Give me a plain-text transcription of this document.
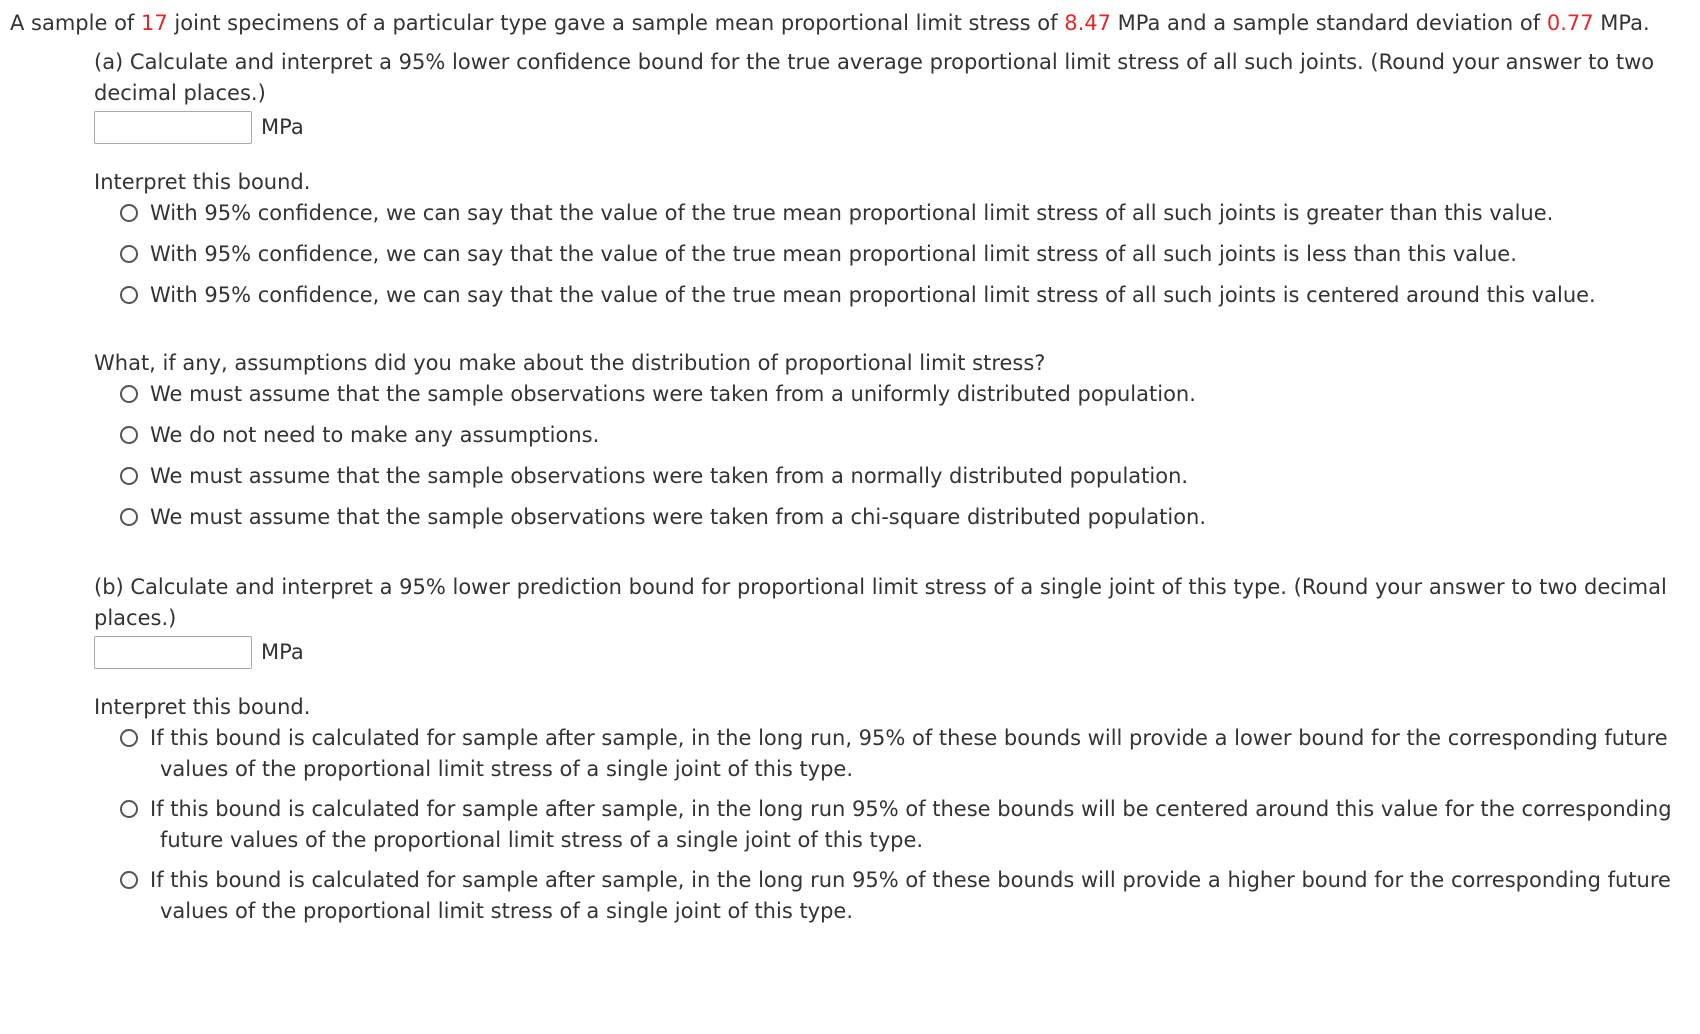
A sample of 17 joint specimens of a particular type gave a sample mean proportional limit stress of 8.47 MPa and a sample standard deviation of 0.77 MPa.
(a) Calculate and interpret a 95% lower confidence bound for the true average proportional limit stress of all such joints. (Round your answer to two decimal places.)
MPa
Interpret this bound.
With 95% confidence, we can say that the value of the true mean proportional limit stress of all such joints is greater than this value.
With 95% confidence, we can say that the value of the true mean proportional limit stress of all such joints is less than this value.
With 95% confidence, we can say that the value of the true mean proportional limit stress of all such joints is centered around this value.
What, if any, assumptions did you make about the distribution of proportional limit stress?
We must assume that the sample observations were taken from a uniformly distributed population.
We do not need to make any assumptions.
We must assume that the sample observations were taken from a normally distributed population.
We must assume that the sample observations were taken from a chi-square distributed population.
(b) Calculate and interpret a 95% lower prediction bound for proportional limit stress of a single joint of this type. (Round your answer to two decimal places.)
MPa
Interpret this bound.
If this bound is calculated for sample after sample, in the long run, 95% of these bounds will provide a lower bound for the corresponding future
values of the proportional limit stress of a single joint of this type.
If this bound is calculated for sample after sample, in the long run 95% of these bounds will be centered around this value for the corresponding
future values of the proportional limit stress of a single joint of this type.
If this bound is calculated for sample after sample, in the long run 95% of these bounds will provide a higher bound for the corresponding future
values of the proportional limit stress of a single joint of this type.
